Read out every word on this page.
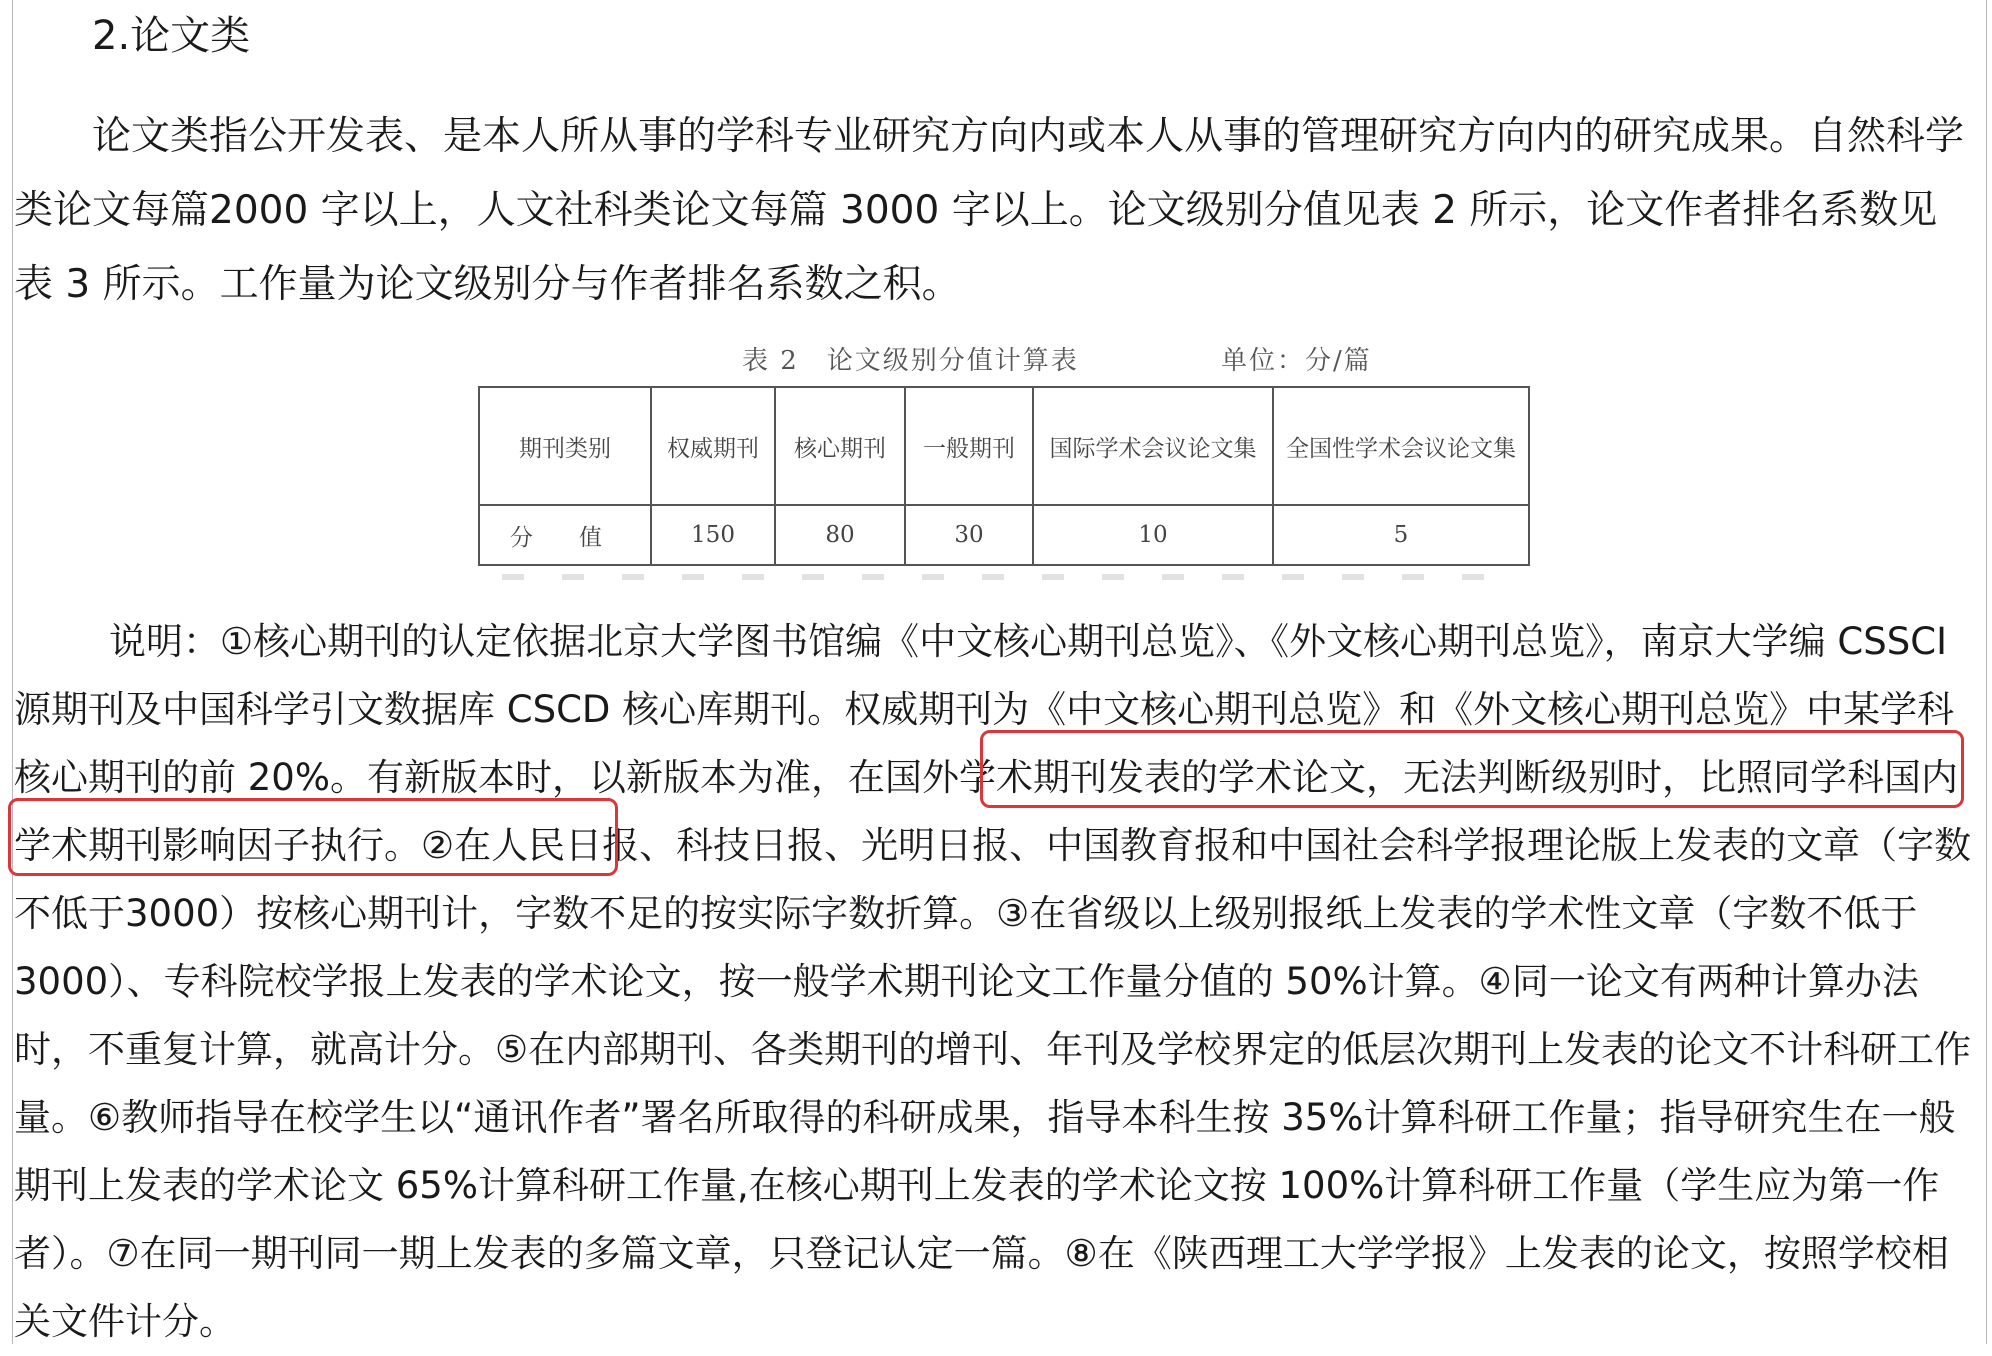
2.论文类

论文类指公开发表、是本人所从事的学科专业研究方向内或本人从事的管理研究方向内的研究成果。自然科学类论文每篇2000 字以上，人文社科类论文每篇 3000 字以上。论文级别分值见表 2 所示，论文作者排名系数见表 3 所示。工作量为论文级别分与作者排名系数之积。

表 2　论文级别分值计算表	单位：分/篇
期刊类别	权威期刊	核心期刊	一般期刊	国际学术会议论文集	全国性学术会议论文集
分　　值	150	80	30	10	5

说明：①核心期刊的认定依据北京大学图书馆编《中文核心期刊总览》、《外文核心期刊总览》，南京大学编 CSSCI 源期刊及中国科学引文数据库 CSCD 核心库期刊。权威期刊为《中文核心期刊总览》和《外文核心期刊总览》中某学科核心期刊的前 20%。有新版本时，以新版本为准，在国外学术期刊发表的学术论文，无法判断级别时，比照同学科国内学术期刊影响因子执行。②在人民日报、科技日报、光明日报、中国教育报和中国社会科学报理论版上发表的文章（字数不低于3000）按核心期刊计，字数不足的按实际字数折算。③在省级以上级别报纸上发表的学术性文章（字数不低于3000）、专科院校学报上发表的学术论文，按一般学术期刊论文工作量分值的 50%计算。④同一论文有两种计算办法时，不重复计算，就高计分。⑤在内部期刊、各类期刊的增刊、年刊及学校界定的低层次期刊上发表的论文不计科研工作量。⑥教师指导在校学生以“通讯作者”署名所取得的科研成果，指导本科生按 35%计算科研工作量；指导研究生在一般期刊上发表的学术论文 65%计算科研工作量,在核心期刊上发表的学术论文按 100%计算科研工作量（学生应为第一作者）。⑦在同一期刊同一期上发表的多篇文章，只登记认定一篇。⑧在《陕西理工大学学报》上发表的论文，按照学校相关文件计分。
